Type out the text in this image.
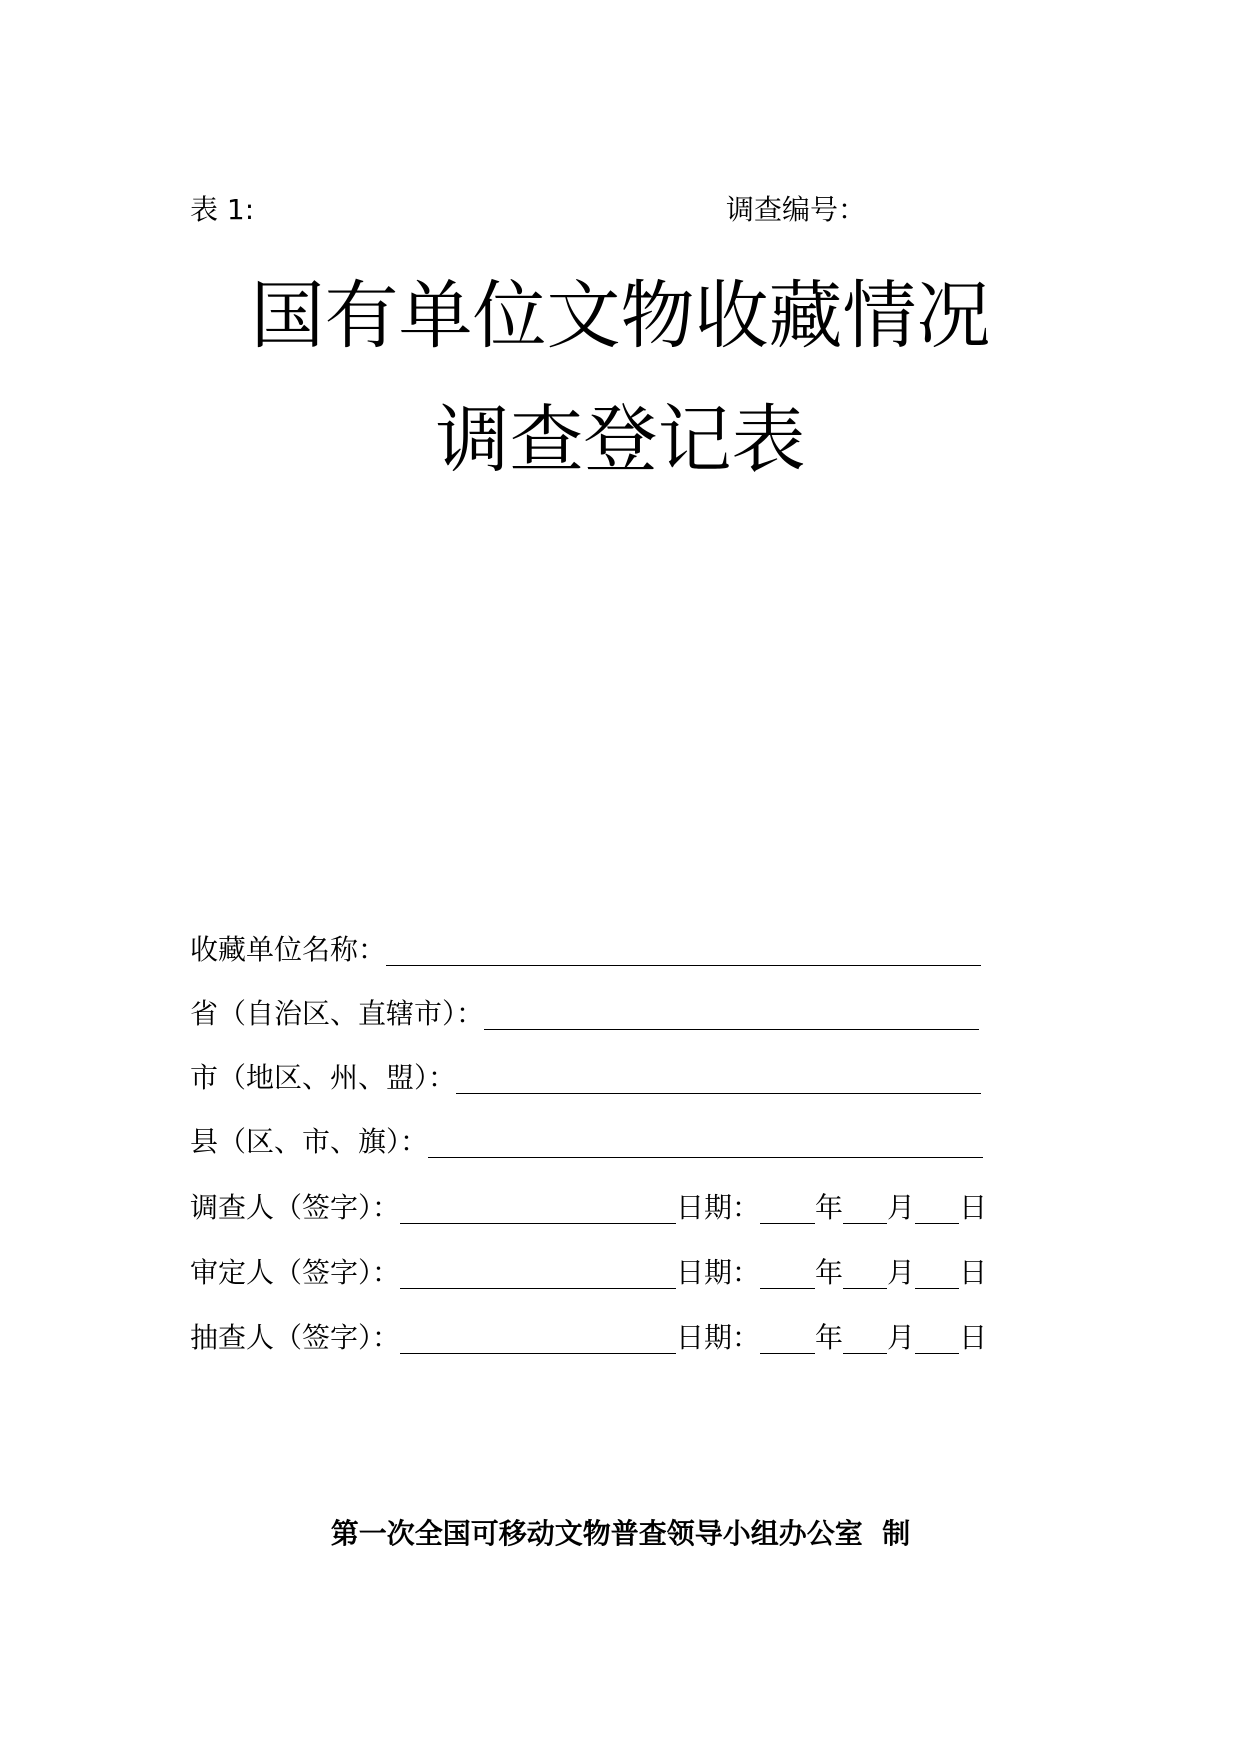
表 1:	调查编号：
国有单位文物收藏情况
调查登记表
收藏单位名称：
省（自治区、直辖市）：
市（地区、州、盟）：
县（区、市、旗）：
调查人（签字）：	日期： 年 月 日
审定人（签字）：	日期： 年 月 日
抽查人（签字）：	日期： 年 月 日
第一次全国可移动文物普查领导小组办公室  制
